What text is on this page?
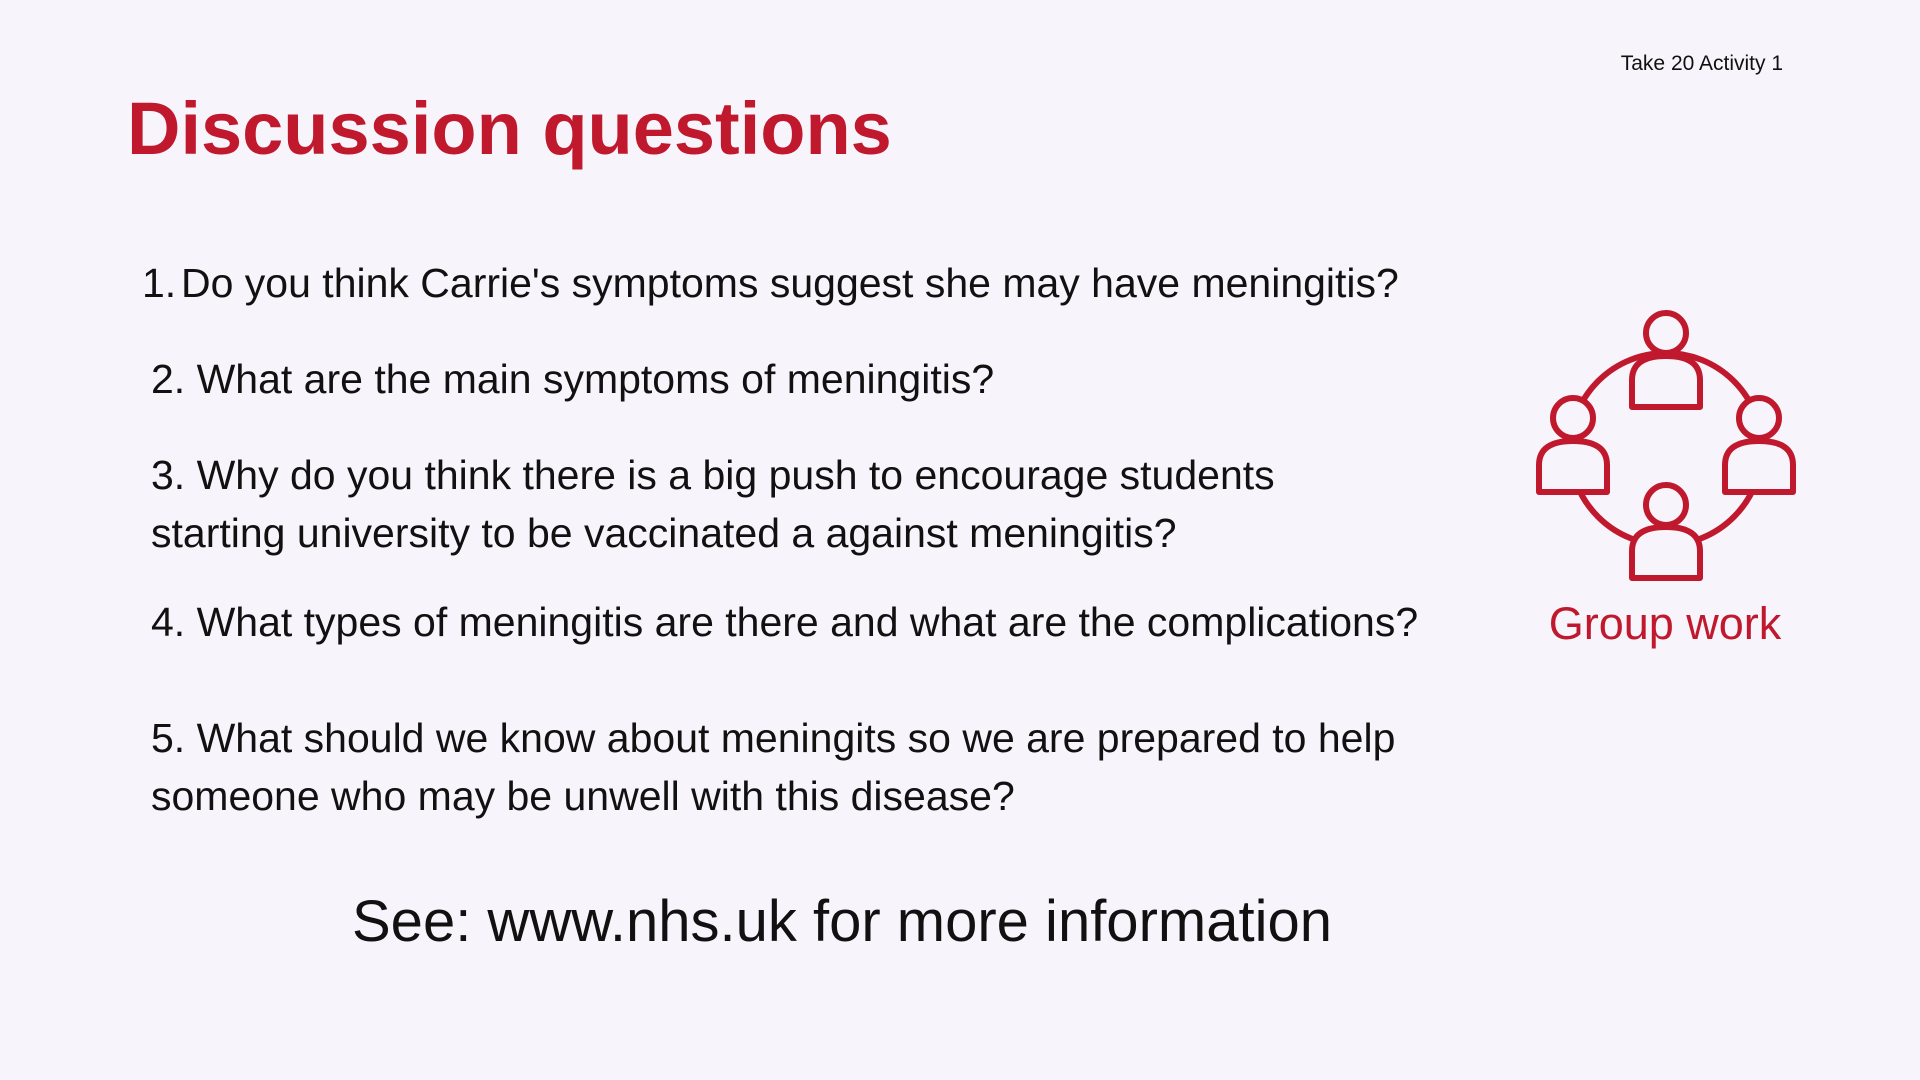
Take 20 Activity 1
Discussion questions

1. Do you think Carrie's symptoms suggest she may have meningitis?

2. What are the main symptoms of meningitis?

3. Why do you think there is a big push to encourage students starting university to be vaccinated a against meningitis?

4. What types of meningitis are there and what are the complications?

5. What should we know about meningits so we are prepared to help someone who may be unwell with this disease?

See: www.nhs.uk for more information

Group work
